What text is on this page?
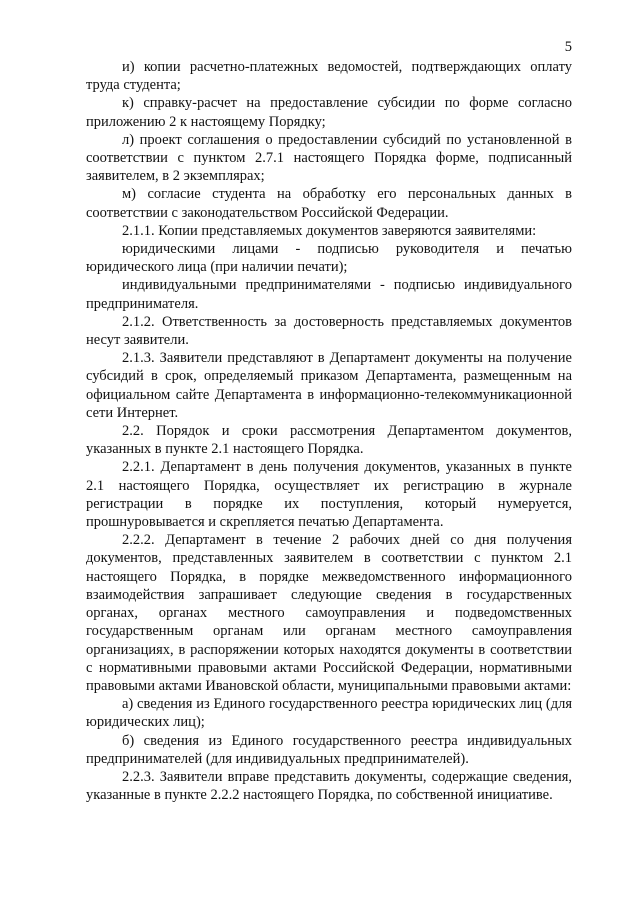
5

и) копии расчетно-платежных ведомостей, подтверждающих оплату труда студента;

к) справку-расчет на предоставление субсидии по форме согласно приложению 2 к настоящему Порядку;

л) проект соглашения о предоставлении субсидий по установленной в соответствии с пунктом 2.7.1 настоящего Порядка форме, подписанный заявителем, в 2 экземплярах;

м) согласие студента на обработку его персональных данных в соответствии с законодательством Российской Федерации.

2.1.1. Копии представляемых документов заверяются заявителями:

юридическими лицами - подписью руководителя и печатью юридического лица (при наличии печати);

индивидуальными предпринимателями - подписью индивидуального предпринимателя.

2.1.2. Ответственность за достоверность представляемых документов несут заявители.

2.1.3. Заявители представляют в Департамент документы на получение субсидий в срок, определяемый приказом Департамента, размещенным на официальном сайте Департамента в информационно-телекоммуникационной сети Интернет.

2.2. Порядок и сроки рассмотрения Департаментом документов, указанных в пункте 2.1 настоящего Порядка.

2.2.1. Департамент в день получения документов, указанных в пункте 2.1 настоящего Порядка, осуществляет их регистрацию в журнале регистрации в порядке их поступления, который нумеруется, прошнуровывается и скрепляется печатью Департамента.

2.2.2. Департамент в течение 2 рабочих дней со дня получения документов, представленных заявителем в соответствии с пунктом 2.1 настоящего Порядка, в порядке межведомственного информационного взаимодействия запрашивает следующие сведения в государственных органах, органах местного самоуправления и подведомственных государственным органам или органам местного самоуправления организациях, в распоряжении которых находятся документы в соответствии с нормативными правовыми актами Российской Федерации, нормативными правовыми актами Ивановской области, муниципальными правовыми актами:

а) сведения из Единого государственного реестра юридических лиц (для юридических лиц);

б) сведения из Единого государственного реестра индивидуальных предпринимателей (для индивидуальных предпринимателей).

2.2.3. Заявители вправе представить документы, содержащие сведения, указанные в пункте 2.2.2 настоящего Порядка, по собственной инициативе.
